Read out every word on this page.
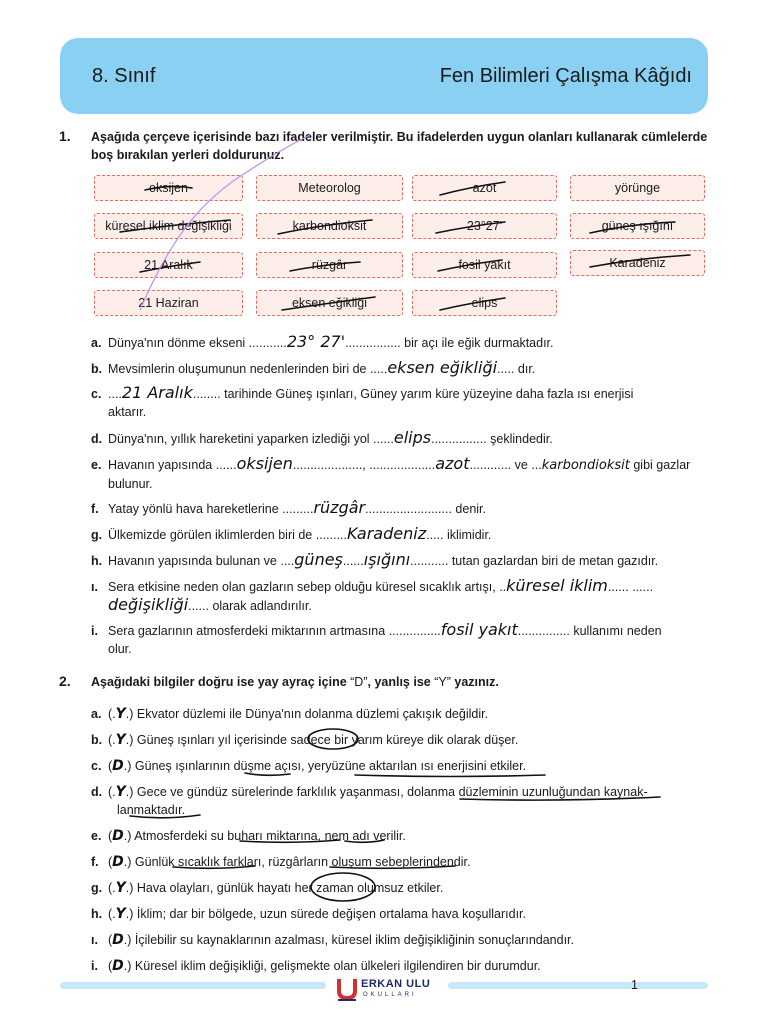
8. Sınıf	Fen Bilimleri Çalışma Kâğıdı
1. Aşağıda çerçeve içerisinde bazı ifadeler verilmiştir. Bu ifadelerden uygun olanları kullanarak cümlelerde boş bırakılan yerleri doldurunuz.
oksijen	Meteorolog	azot	yörünge
küresel iklim değişikliği	karbondioksit	23°27'	güneş ışığını
21 Aralık	rüzgâr	fosil yakıt	Karadeniz
21 Haziran	eksen eğikliği	elips
a. Dünya'nın dönme ekseni ...........23° 27'................ bir açı ile eğik durmaktadır.
b. Mevsimlerin oluşumunun nedenlerinden biri de .....eksen eğikliği..... dır.
c. ....21 Aralık........ tarihinde Güneş ışınları, Güney yarım küre yüzeyine daha fazla ısı enerjisi
aktarır.
d. Dünya'nın, yıllık hareketini yaparken izlediği yol ......elips................ şeklindedir.
e. Havanın yapısında ......oksijen...................., ...................azot............ ve ...karbondioksit gibi gazlar
bulunur.
f. Yatay yönlü hava hareketlerine .........rüzgâr......................... denir.
g. Ülkemizde görülen iklimlerden biri de .........Karadeniz..... iklimidir.
h. Havanın yapısında bulunan ve ....güneş......ışığını........... tutan gazlardan biri de metan gazıdır.
ı. Sera etkisine neden olan gazların sebep olduğu küresel sıcaklık artışı, ..küresel iklim...... ......
değişikliği...... olarak adlandırılır.
i. Sera gazlarının atmosferdeki miktarının artmasına ...............fosil yakıt............... kullanımı neden
olur.
2. Aşağıdaki bilgiler doğru ise yay ayraç içine “D”, yanlış ise “Y” yazınız.
a. (.Y.) Ekvator düzlemi ile Dünya'nın dolanma düzlemi çakışık değildir.
b. (.Y.) Güneş ışınları yıl içerisinde sadece bir yarım küreye dik olarak düşer.
c. (D.) Güneş ışınlarının düşme açısı, yeryüzüne aktarılan ısı enerjisini etkiler.
d. (.Y.) Gece ve gündüz sürelerinde farklılık yaşanması, dolanma düzleminin uzunluğundan kaynak-
lanmaktadır.
e. (D.) Atmosferdeki su buharı miktarına, nem adı verilir.
f. (D.) Günlük sıcaklık farkları, rüzgârların oluşum sebeplerindendir.
g. (.Y.) Hava olayları, günlük hayatı her zaman olumsuz etkiler.
h. (.Y.) İklim; dar bir bölgede, uzun sürede değişen ortalama hava koşullarıdır.
ı. (D.) İçilebilir su kaynaklarının azalması, küresel iklim değişikliğinin sonuçlarındandır.
i. (D.) Küresel iklim değişikliği, gelişmekte olan ülkeleri ilgilendiren bir durumdur.
ERKAN ULU
OKULLARI
1
